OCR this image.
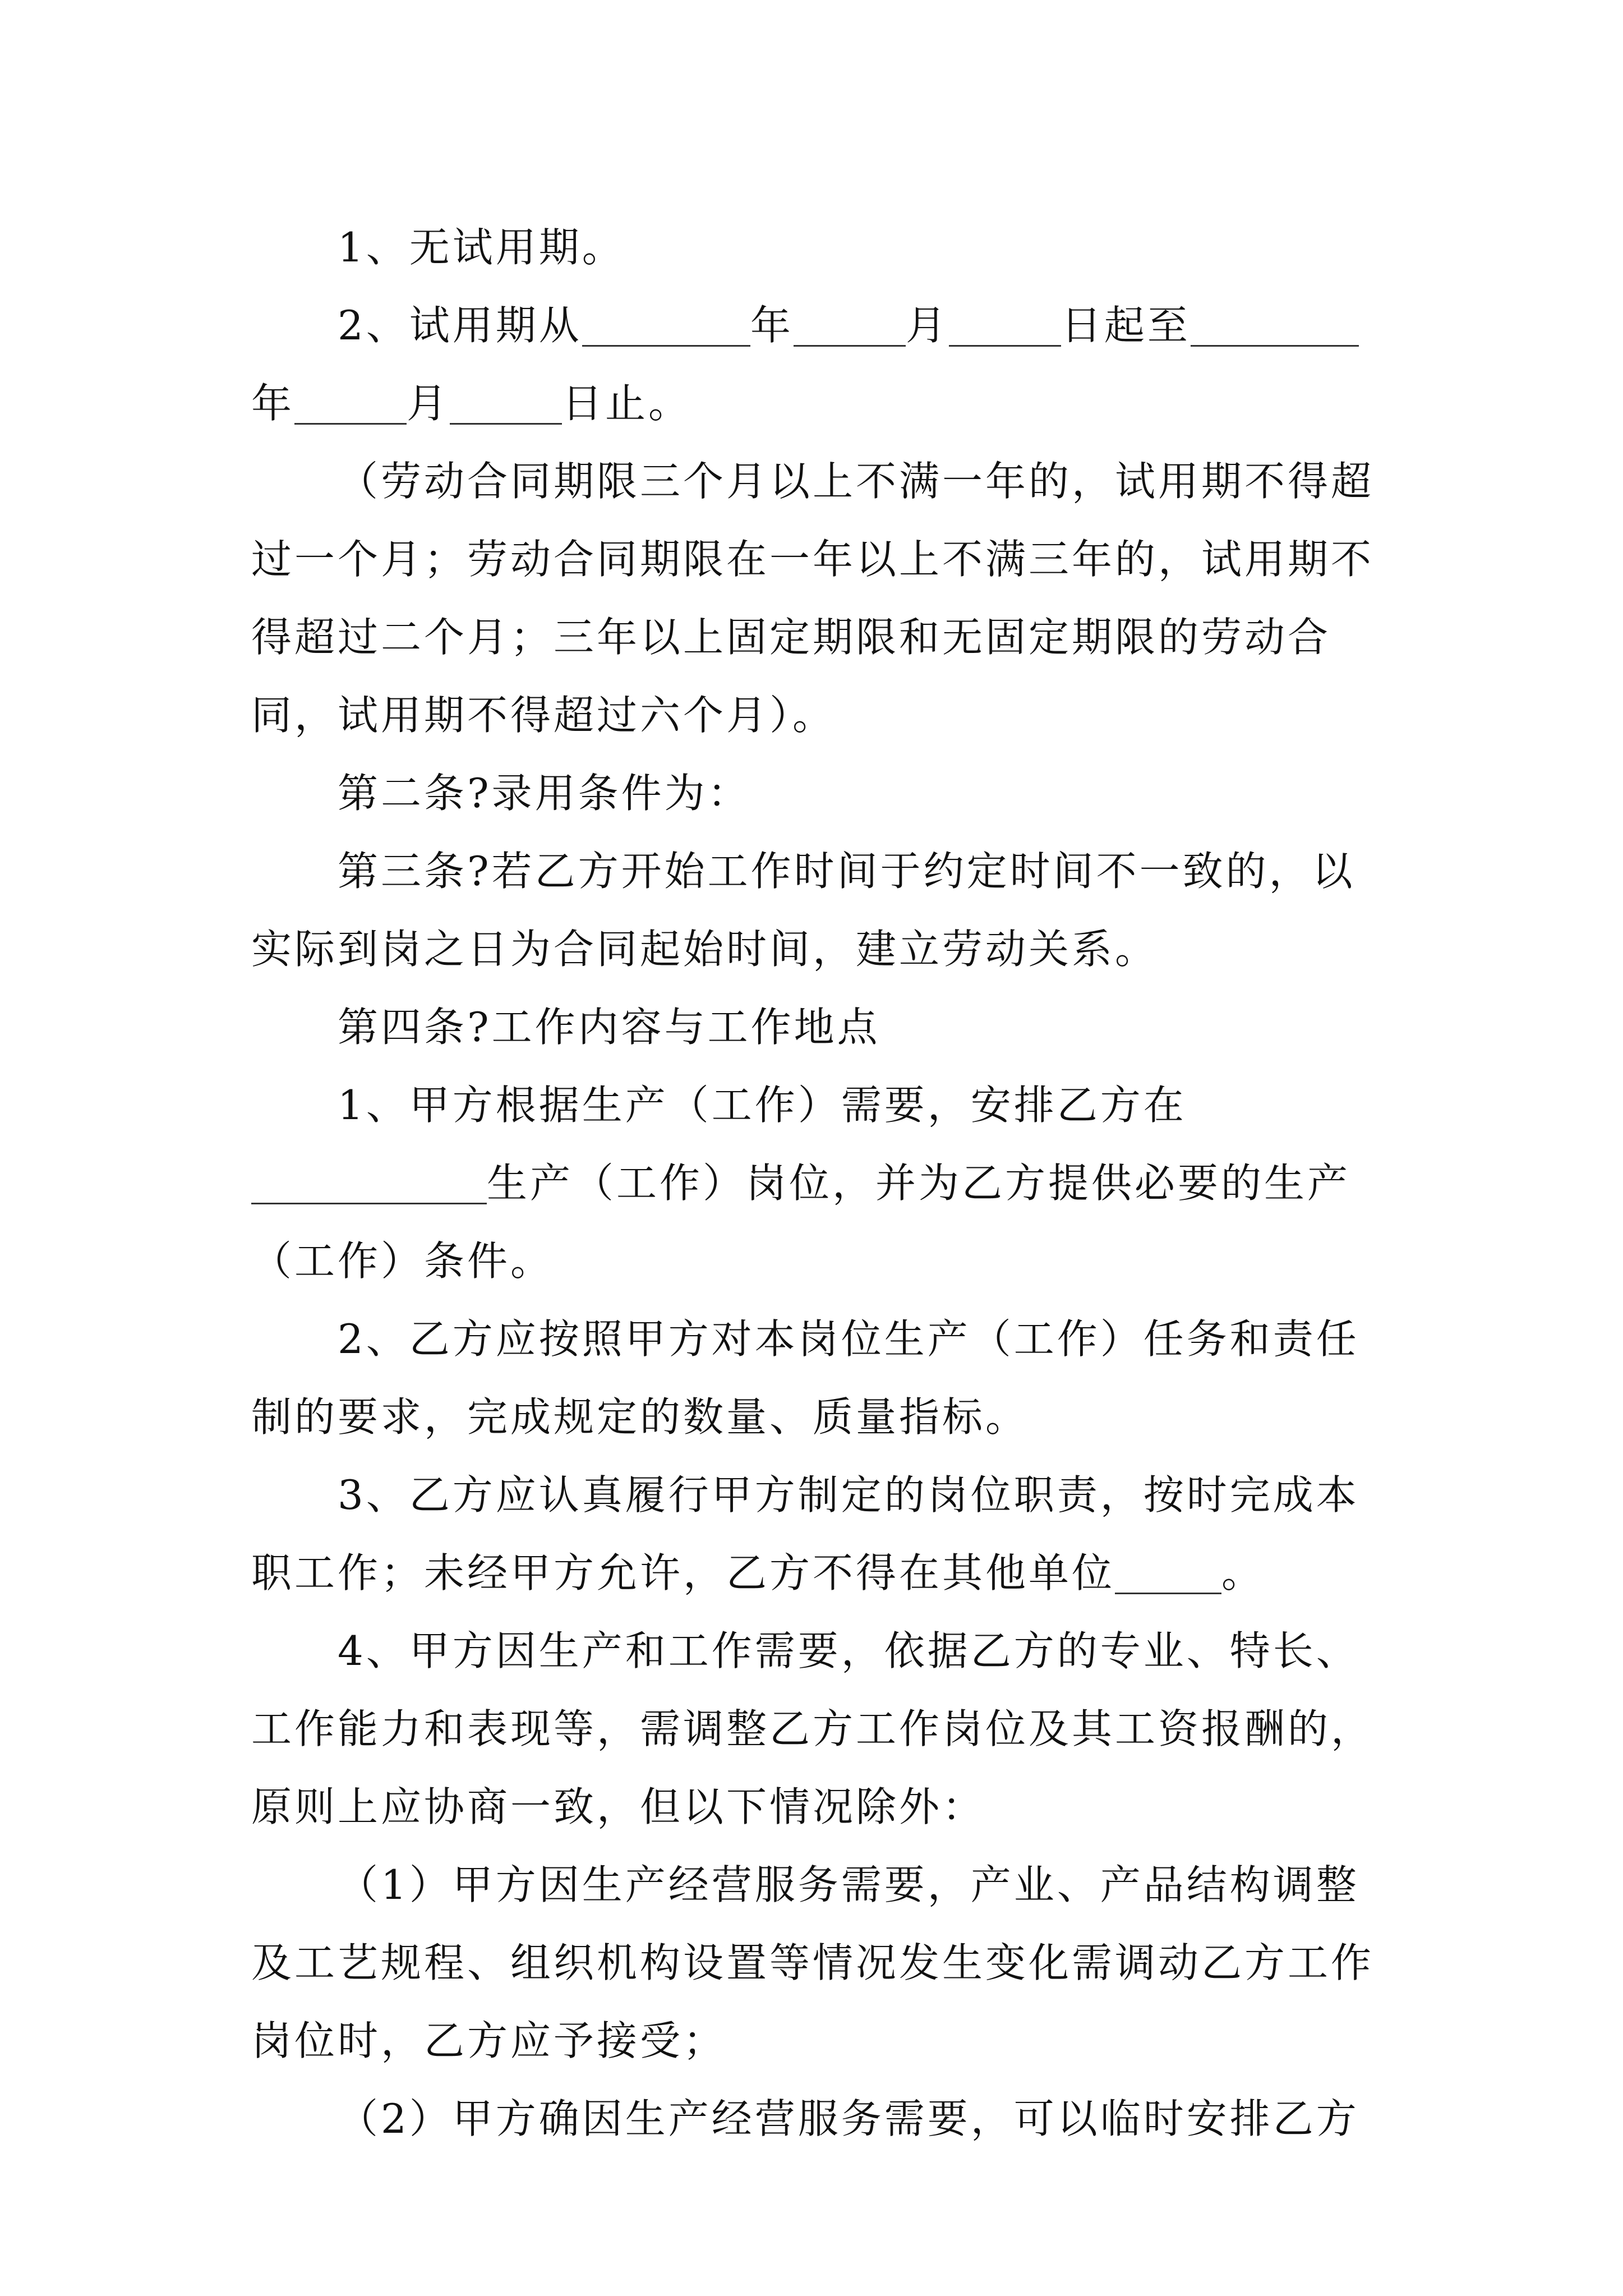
1、无试用期。

2、试用期从	年	月	日起至年	月	日止。

（劳动合同期限三个月以上不满一年的，试用期不得超过一个月；劳动合同期限在一年以上不满三年的，试用期不得超过二个月；三年以上固定期限和无固定期限的劳动合同，试用期不得超过六个月）。

第二条?录用条件为：

第三条?若乙方开始工作时间于约定时间不一致的，以实际到岗之日为合同起始时间，建立劳动关系。

第四条?工作内容与工作地点

1、甲方根据生产（工作）需要，安排乙方在生产（工作）岗位，并为乙方提供必要的生产（工作）条件。

2、乙方应按照甲方对本岗位生产（工作）任务和责任制的要求，完成规定的数量、质量指标。

3、乙方应认真履行甲方制定的岗位职责，按时完成本职工作；未经甲方允许，乙方不得在其他单位	。

4、甲方因生产和工作需要，依据乙方的专业、特长、工作能力和表现等，需调整乙方工作岗位及其工资报酬的，原则上应协商一致，但以下情况除外：

（1）甲方因生产经营服务需要，产业、产品结构调整及工艺规程、组织机构设置等情况发生变化需调动乙方工作岗位时，乙方应予接受；

（2）甲方确因生产经营服务需要，可以临时安排乙方
